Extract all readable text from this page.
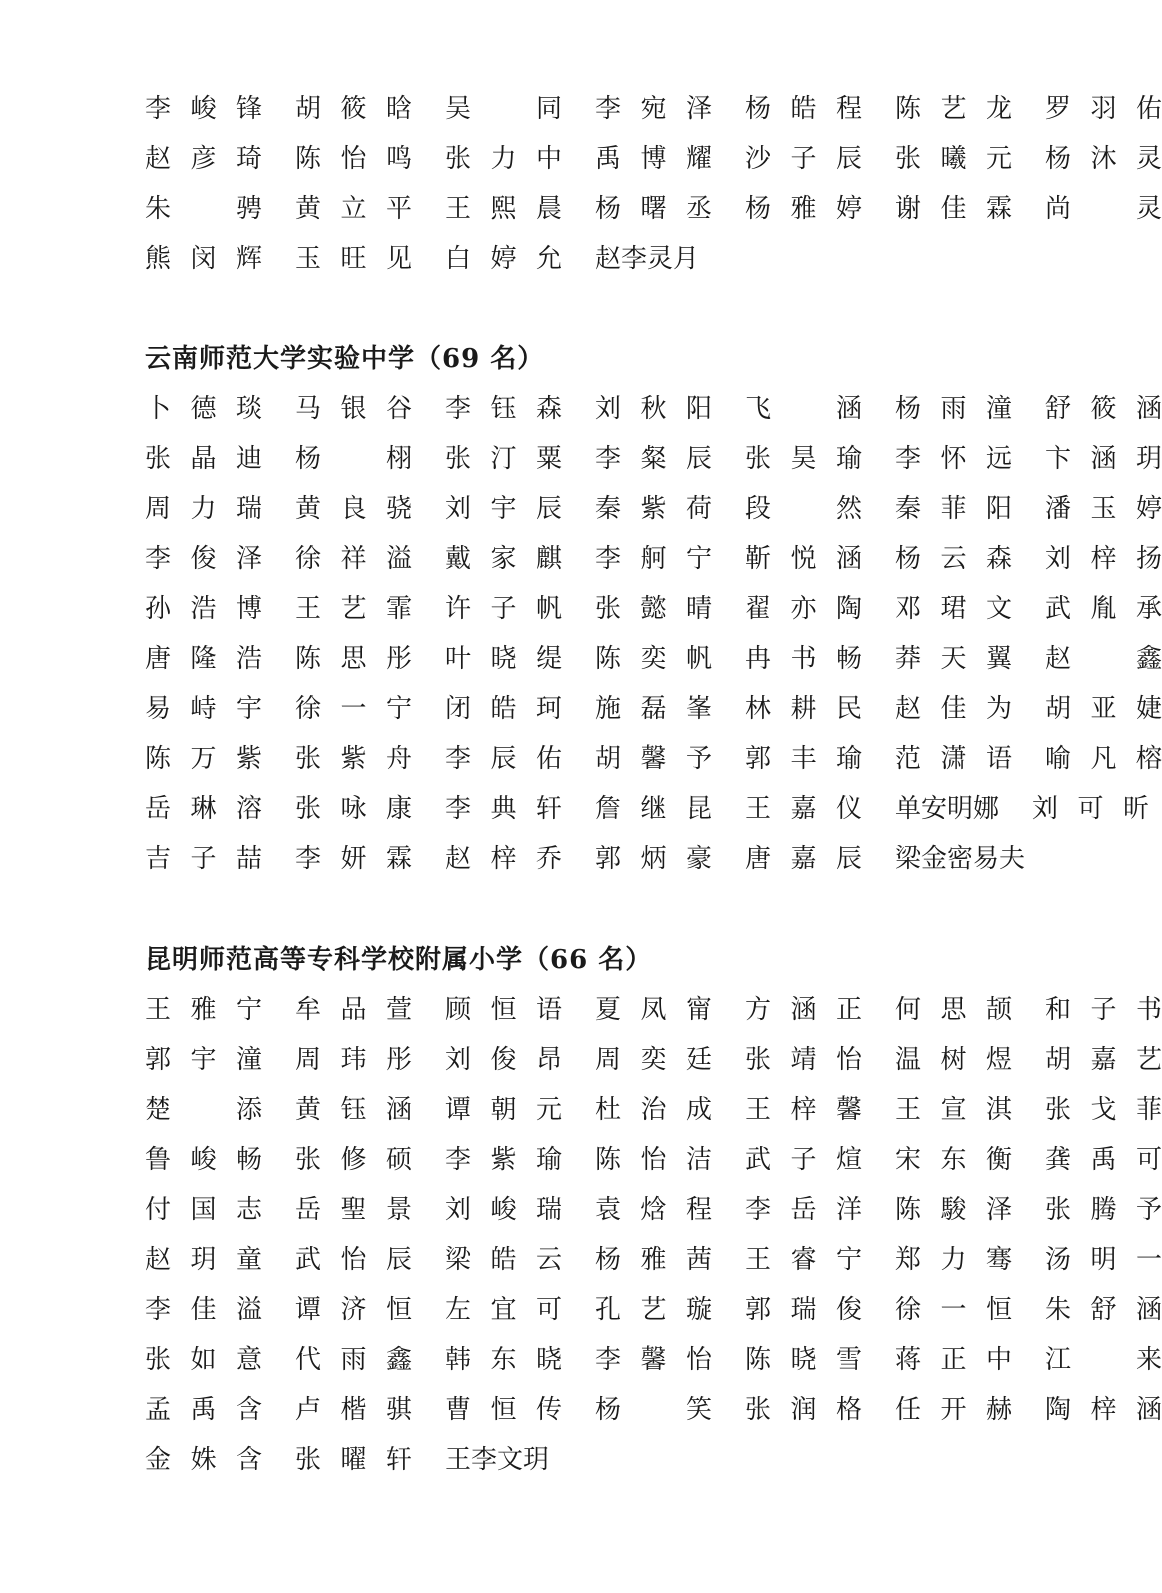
李峻锋 胡筱晗 吴　同 李宛泽 杨皓程 陈艺龙 罗羽佑
赵彦琦 陈怡鸣 张力中 禹博耀 沙子辰 张曦元 杨沐灵
朱　骋 黄立平 王熙晨 杨曙丞 杨雅婷 谢佳霖 尚　灵
熊闵辉 玉旺见 白婷允 赵李灵月
云南师范大学实验中学（69 名）
卜德琰 马银谷 李钰森 刘秋阳 飞　涵 杨雨潼 舒筱涵
张晶迪 杨　栩 张汀粟 李粲辰 张昊瑜 李怀远 卞涵玥
周力瑞 黄良骁 刘宇辰 秦紫荷 段　然 秦菲阳 潘玉婷
李俊泽 徐祥溢 戴家麒 李舸宁 靳悦涵 杨云森 刘梓扬
孙浩博 王艺霏 许子帆 张懿晴 翟亦陶 邓珺文 武胤承
唐隆浩 陈思彤 叶晓缇 陈奕帆 冉书畅 莽天翼 赵　鑫
易峙宇 徐一宁 闭皓珂 施磊峯 林耕民 赵佳为 胡亚婕
陈万紫 张紫舟 李辰佑 胡馨予 郭丰瑜 范潇语 喻凡榕
岳琳溶 张咏康 李典轩 詹继昆 王嘉仪 单安明娜 刘可昕
吉子喆 李妍霖 赵梓乔 郭炳豪 唐嘉辰 梁金密易夫
昆明师范高等专科学校附属小学（66 名）
王雅宁 牟品萱 顾恒语 夏凤甯 方涵正 何思颉 和子书
郭宇潼 周玮彤 刘俊昂 周奕廷 张靖怡 温树煜 胡嘉艺
楚　添 黄钰涵 谭朝元 杜治成 王梓馨 王宣淇 张戈菲
鲁峻畅 张修硕 李紫瑜 陈怡洁 武子煊 宋东衡 龚禹可
付国志 岳聖景 刘峻瑞 袁焓程 李岳洋 陈駿泽 张腾予
赵玥童 武怡辰 梁皓云 杨雅茜 王睿宁 郑力骞 汤明一
李佳溢 谭济恒 左宜可 孔艺璇 郭瑞俊 徐一恒 朱舒涵
张如意 代雨鑫 韩东晓 李馨怡 陈晓雪 蒋正中 江　来
孟禹含 卢楷骐 曹恒传 杨　笑 张润格 任开赫 陶梓涵
金姝含 张曜轩 王李文玥
